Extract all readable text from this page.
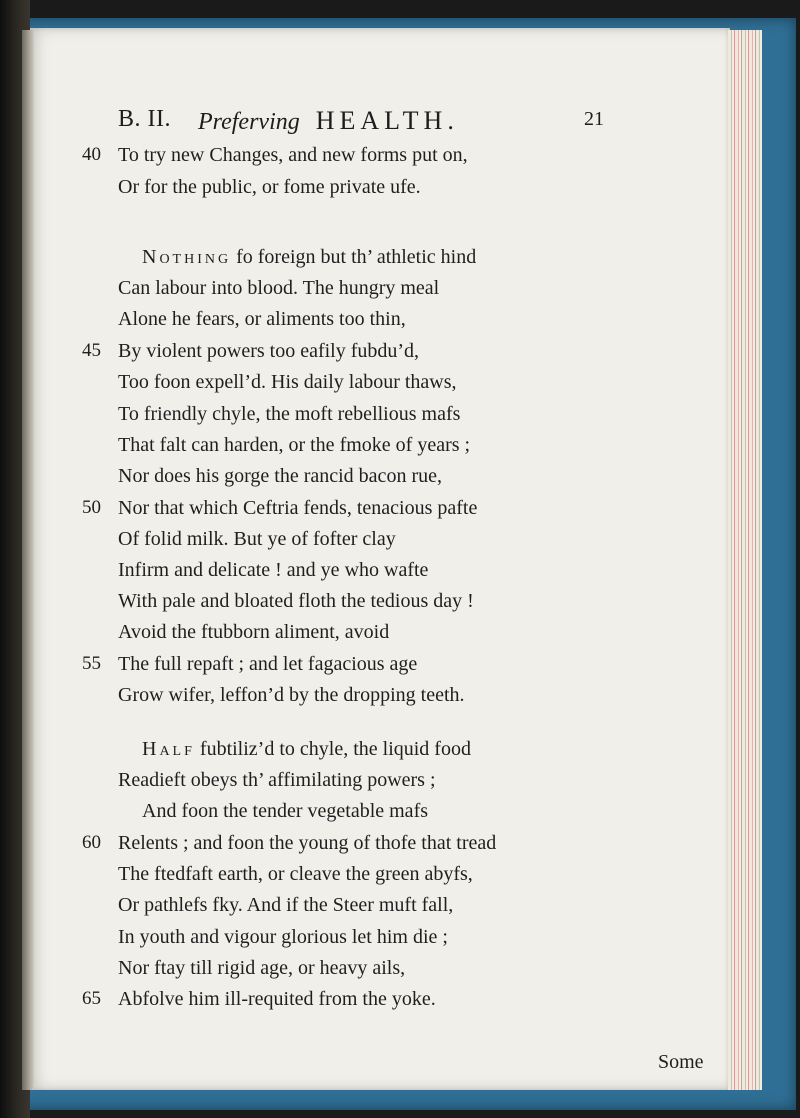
B. II. Preferving HEALTH.	21
40 To try new Changes, and new forms put on,
Or for the public, or fome private ufe.
Nothing fo foreign but th’ athletic hind
Can labour into blood. The hungry meal
Alone he fears, or aliments too thin,
45 By violent powers too eafily fubdu’d,
Too foon expell’d. His daily labour thaws,
To friendly chyle, the moft rebellious mafs
That falt can harden, or the fmoke of years ;
Nor does his gorge the rancid bacon rue,
50 Nor that which Ceftria fends, tenacious pafte
Of folid milk. But ye of fofter clay
Infirm and delicate ! and ye who wafte
With pale and bloated floth the tedious day !
Avoid the ftubborn aliment, avoid
55 The full repaft ; and let fagacious age
Grow wifer, leffon’d by the dropping teeth.
Half fubtiliz’d to chyle, the liquid food
Readieft obeys th’ affimilating powers ;
And foon the tender vegetable mafs
60 Relents ; and foon the young of thofe that tread
The ftedfaft earth, or cleave the green abyfs,
Or pathlefs fky. And if the Steer muft fall,
In youth and vigour glorious let him die ;
Nor ftay till rigid age, or heavy ails,
65 Abfolve him ill-requited from the yoke.
Some
